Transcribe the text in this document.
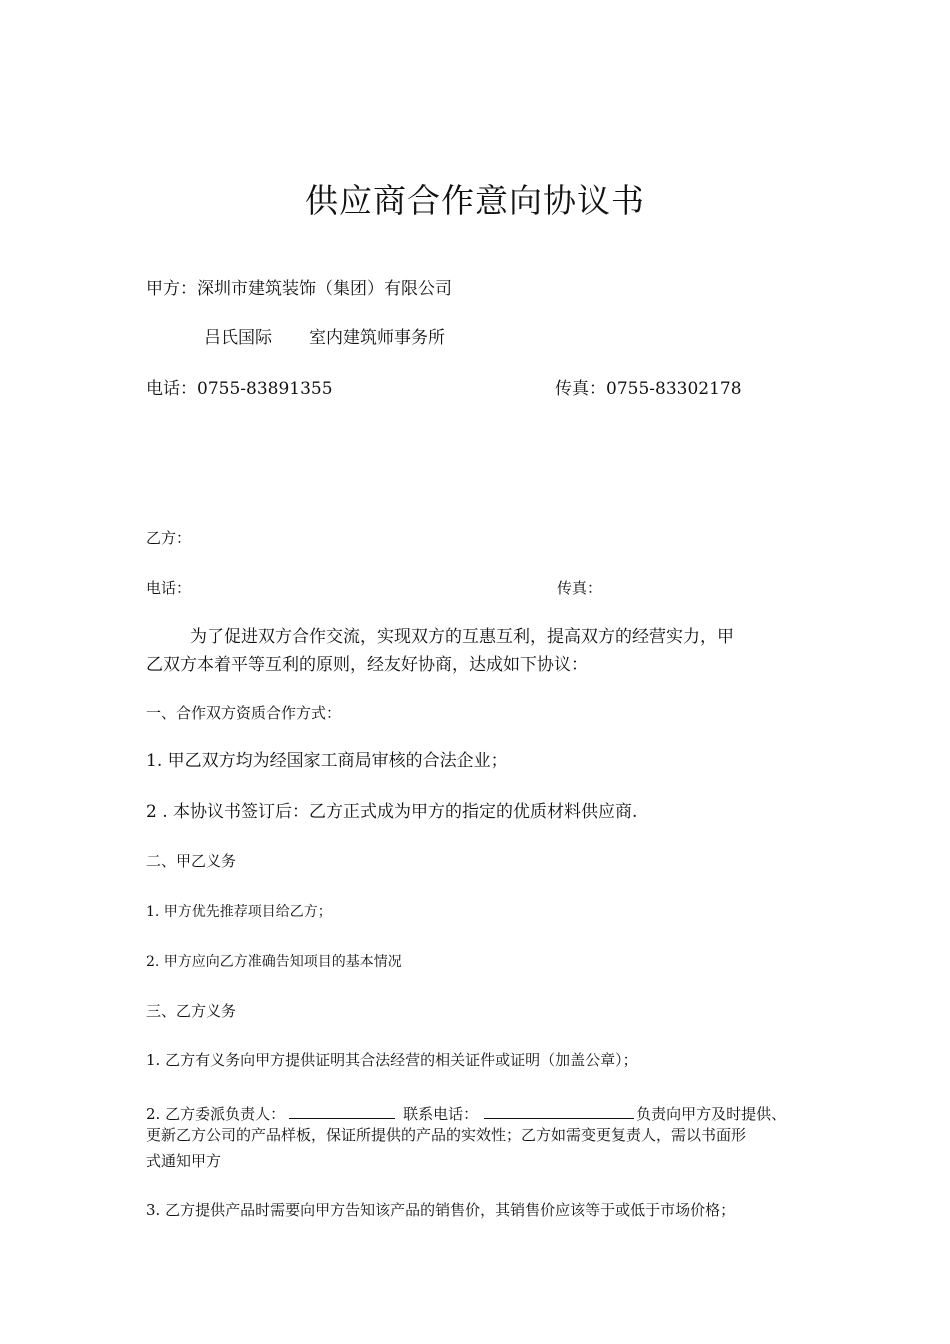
供应商合作意向协议书
甲方：深圳市建筑装饰（集团）有限公司
吕氏国际 室内建筑师事务所
电话：0755-83891355	传真：0755-83302178
乙方：
电话：	传真：
为了促进双方合作交流，实现双方的互惠互利，提高双方的经营实力，甲
乙双方本着平等互利的原则，经友好协商，达成如下协议：
一、合作双方资质合作方式：
1. 甲乙双方均为经国家工商局审核的合法企业；
2 . 本协议书签订后：乙方正式成为甲方的指定的优质材料供应商.
二、甲乙义务
1. 甲方优先推荐项目给乙方；
2. 甲方应向乙方准确告知项目的基本情况
三、乙方义务
1. 乙方有义务向甲方提供证明其合法经营的相关证件或证明（加盖公章）；
2. 乙方委派负责人：	联系电话：	负责向甲方及时提供、
更新乙方公司的产品样板，保证所提供的产品的实效性；乙方如需变更复责人，需以书面形
式通知甲方
3. 乙方提供产品时需要向甲方告知该产品的销售价，其销售价应该等于或低于市场价格；
